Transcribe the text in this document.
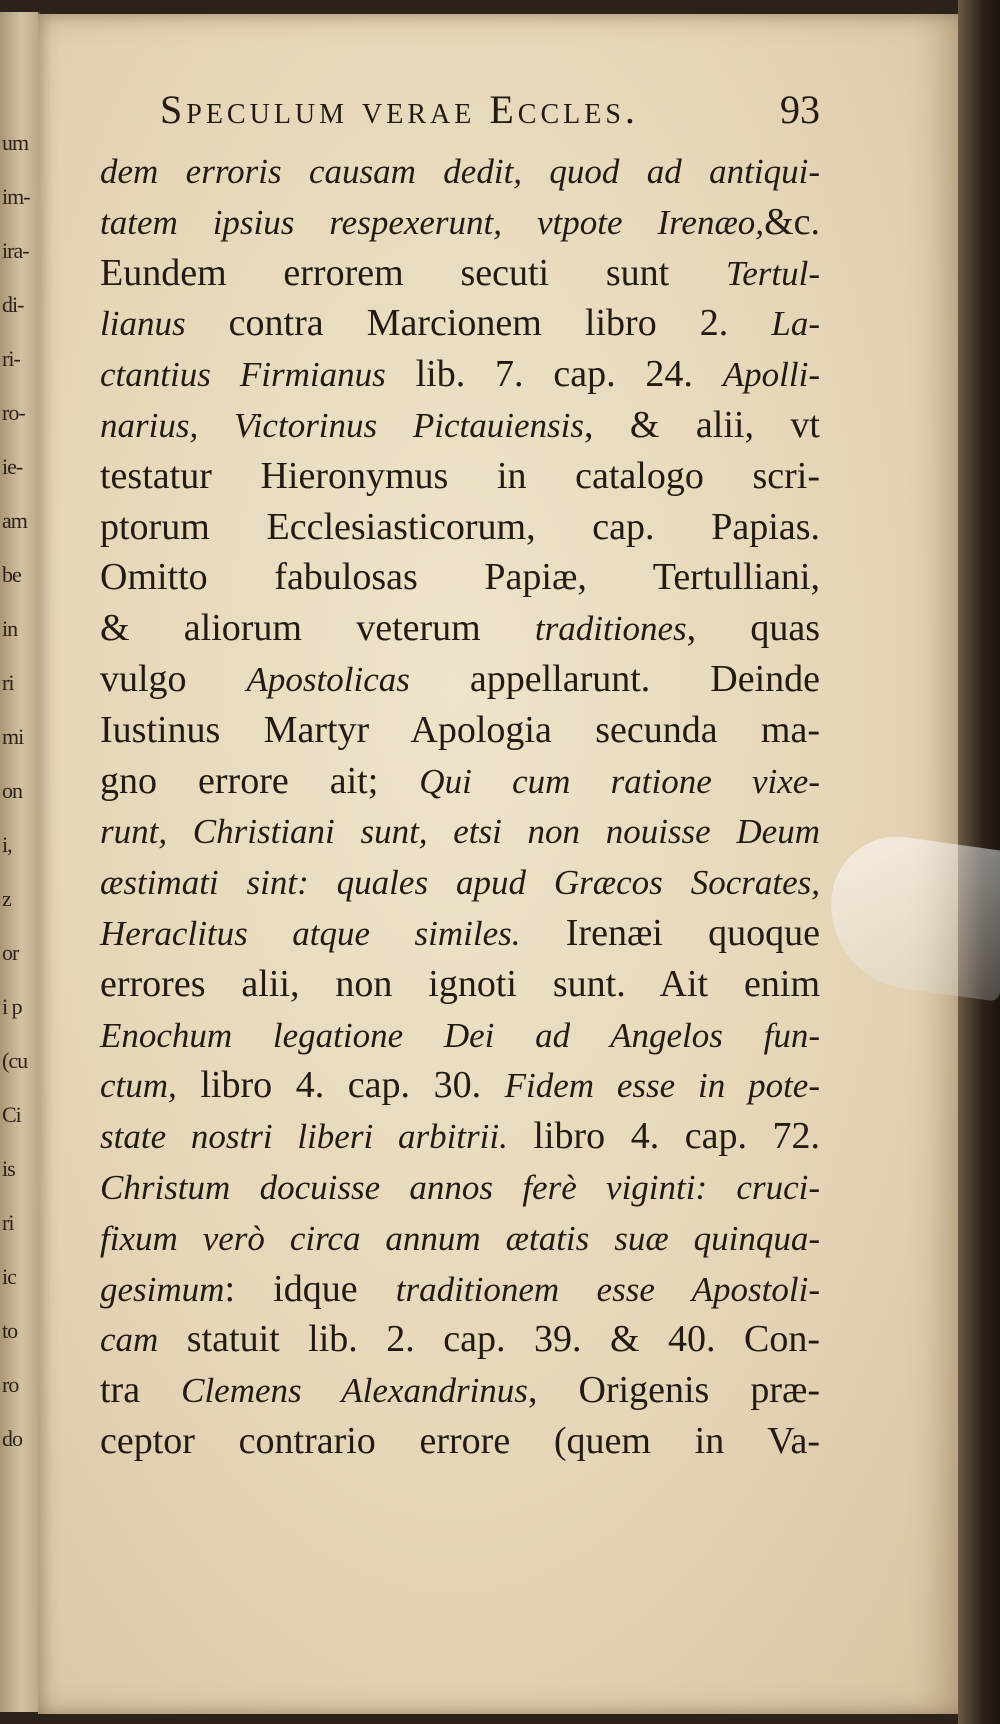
um
im-
ira-
di-
ri-
ro-
ie-
am
be
in
ri
mi
on
i,
z
or
i p
(cu
Ci
is
ri
ic
to
ro
do
Speculum verae Eccles.	93
dem erroris causam dedit, quod ad antiqui-
tatem ipsius respexerunt, vtpote Irenæo,&c.
Eundem errorem secuti sunt Tertul-
lianus contra Marcionem libro 2. La-
ctantius Firmianus lib. 7. cap. 24. Apolli-
narius, Victorinus Pictauiensis, & alii, vt
testatur Hieronymus in catalogo scri-
ptorum Ecclesiasticorum, cap. Papias.
Omitto fabulosas Papiæ, Tertulliani,
& aliorum veterum traditiones, quas
vulgo Apostolicas appellarunt. Deinde
Iustinus Martyr Apologia secunda ma-
gno errore ait; Qui cum ratione vixe-
runt, Christiani sunt, etsi non nouisse Deum
æstimati sint: quales apud Græcos Socrates,
Heraclitus atque similes. Irenæi quoque
errores alii, non ignoti sunt. Ait enim
Enochum legatione Dei ad Angelos fun-
ctum, libro 4. cap. 30. Fidem esse in pote-
state nostri liberi arbitrii. libro 4. cap. 72.
Christum docuisse annos ferè viginti: cruci-
fixum verò circa annum ætatis suæ quinqua-
gesimum: idque traditionem esse Apostoli-
cam statuit lib. 2. cap. 39. & 40. Con-
tra Clemens Alexandrinus, Origenis præ-
ceptor contrario errore (quem in Va-
